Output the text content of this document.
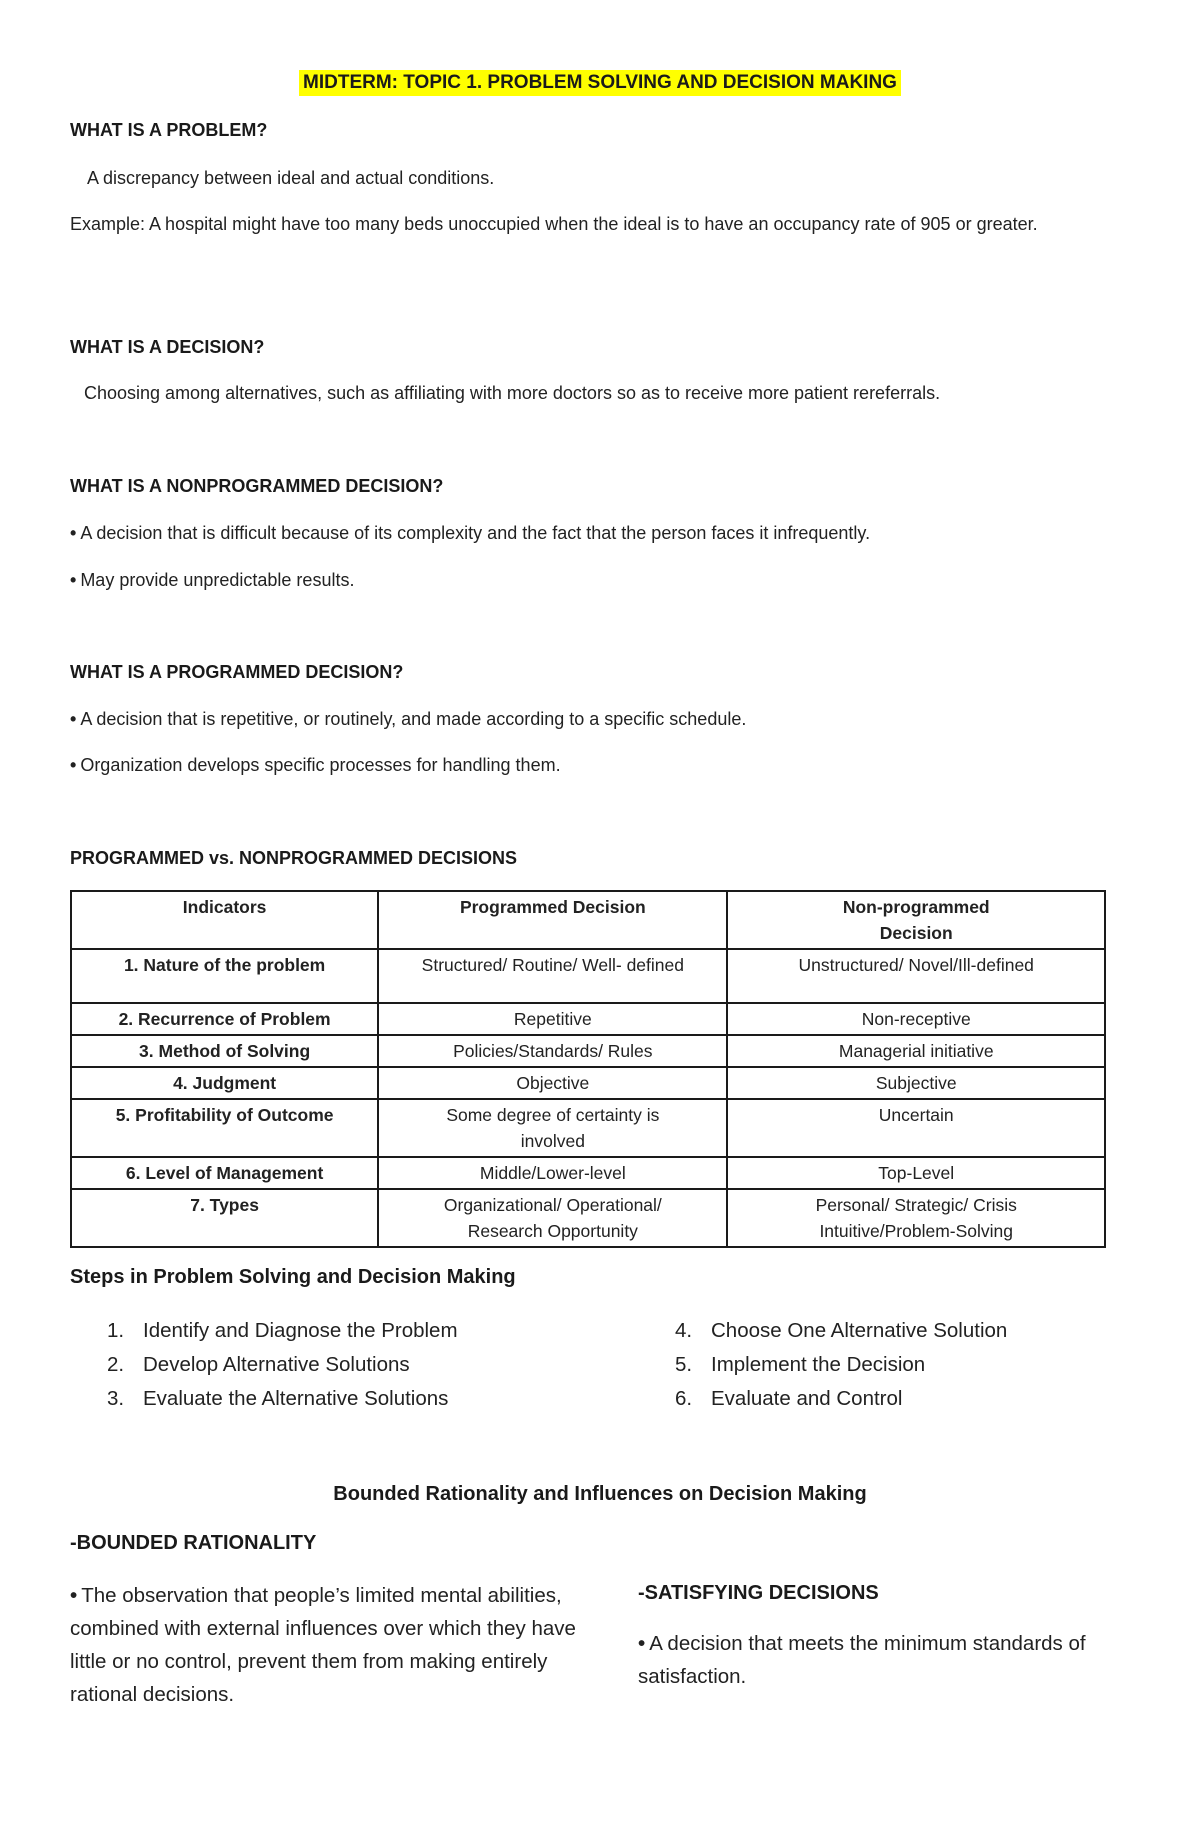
MIDTERM: TOPIC 1. PROBLEM SOLVING AND DECISION MAKING
WHAT IS A PROBLEM?
A discrepancy between ideal and actual conditions.
Example: A hospital might have too many beds unoccupied when the ideal is to have an occupancy rate of 905 or greater.
WHAT IS A DECISION?
Choosing among alternatives, such as affiliating with more doctors so as to receive more patient rereferrals.
WHAT IS A NONPROGRAMMED DECISION?
• A decision that is difficult because of its complexity and the fact that the person faces it infrequently.
• May provide unpredictable results.
WHAT IS A PROGRAMMED DECISION?
• A decision that is repetitive, or routinely, and made according to a specific schedule.
• Organization develops specific processes for handling them.
PROGRAMMED vs. NONPROGRAMMED DECISIONS
Indicators	Programmed Decision	Non-programmed Decision
1. Nature of the problem	Structured/ Routine/ Well- defined	Unstructured/ Novel/Ill-defined
2. Recurrence of Problem	Repetitive	Non-receptive
3. Method of Solving	Policies/Standards/ Rules	Managerial initiative
4. Judgment	Objective	Subjective
5. Profitability of Outcome	Some degree of certainty is involved	Uncertain
6. Level of Management	Middle/Lower-level	Top-Level
7. Types	Organizational/ Operational/ Research Opportunity	Personal/ Strategic/ Crisis Intuitive/Problem-Solving
Steps in Problem Solving and Decision Making
1. Identify and Diagnose the Problem
2. Develop Alternative Solutions
3. Evaluate the Alternative Solutions
4. Choose One Alternative Solution
5. Implement the Decision
6. Evaluate and Control
Bounded Rationality and Influences on Decision Making
-BOUNDED RATIONALITY
• The observation that people’s limited mental abilities, combined with external influences over which they have little or no control, prevent them from making entirely rational decisions.
-SATISFYING DECISIONS
• A decision that meets the minimum standards of satisfaction.
